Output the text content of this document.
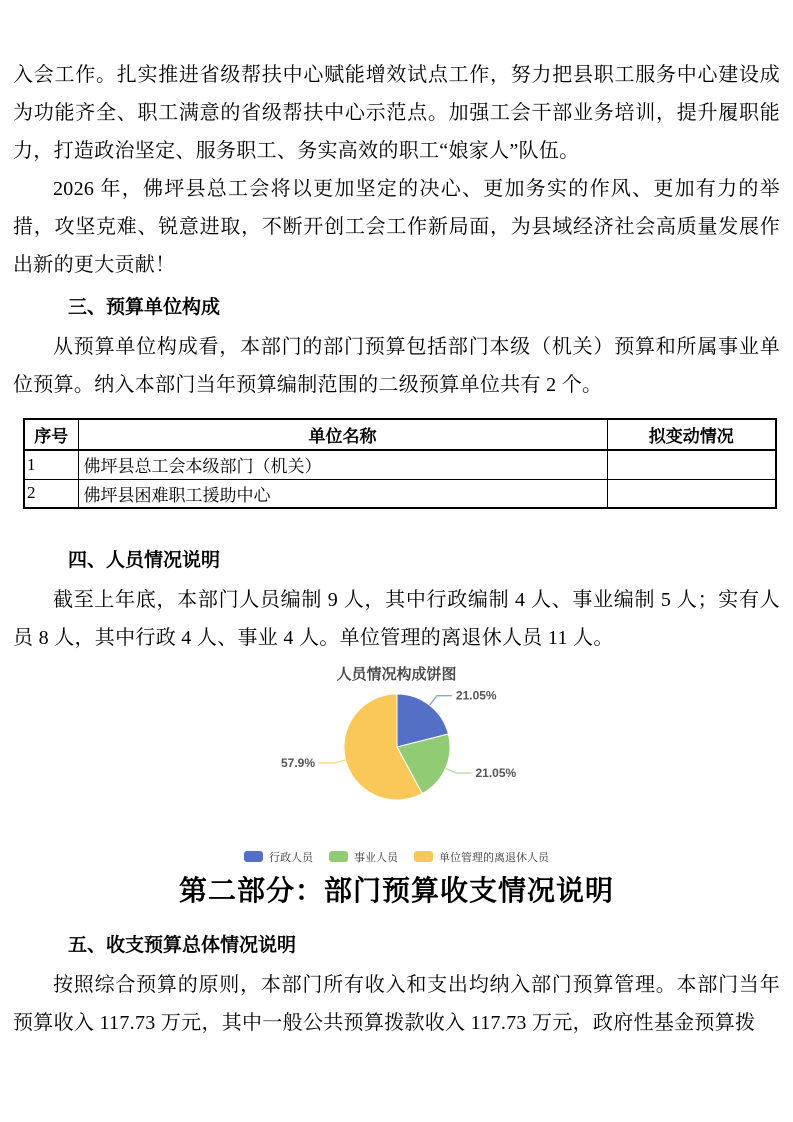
入会工作。扎实推进省级帮扶中心赋能增效试点工作，努力把县职工服务中心建设成为功能齐全、职工满意的省级帮扶中心示范点。加强工会干部业务培训，提升履职能力，打造政治坚定、服务职工、务实高效的职工“娘家人”队伍。

2026 年，佛坪县总工会将以更加坚定的决心、更加务实的作风、更加有力的举措，攻坚克难、锐意进取，不断开创工会工作新局面，为县域经济社会高质量发展作出新的更大贡献！

三、预算单位构成

从预算单位构成看，本部门的部门预算包括部门本级（机关）预算和所属事业单位预算。纳入本部门当年预算编制范围的二级预算单位共有 2 个。

序号	单位名称	拟变动情况
1	佛坪县总工会本级部门（机关）	
2	佛坪县困难职工援助中心	
四、人员情况说明

截至上年底，本部门人员编制 9 人，其中行政编制 4 人、事业编制 5 人；实有人员 8 人，其中行政 4 人、事业 4 人。单位管理的离退休人员 11 人。

人员情况构成饼图
21.05%
21.05%
57.9%
行政人员	事业人员	单位管理的离退休人员
第二部分：部门预算收支情况说明
五、收支预算总体情况说明

按照综合预算的原则，本部门所有收入和支出均纳入部门预算管理。本部门当年预算收入 117.73 万元，其中一般公共预算拨款收入 117.73 万元，政府性基金预算拨
